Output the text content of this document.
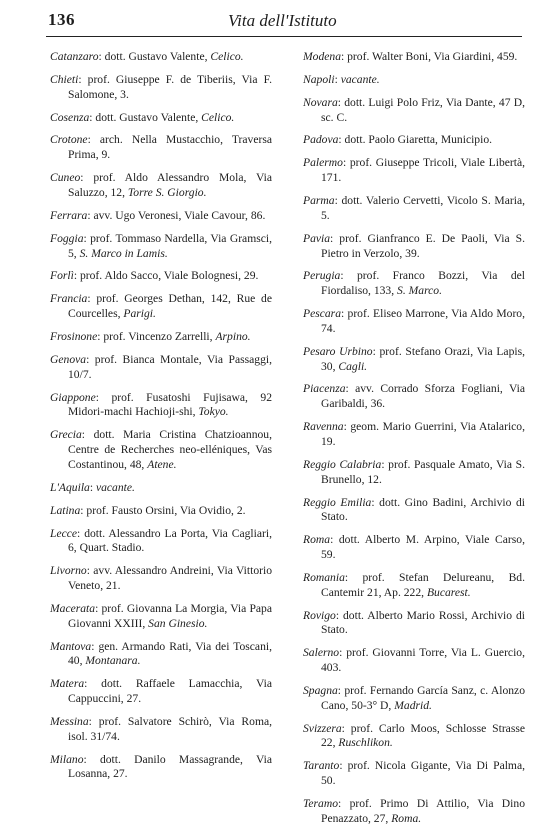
136	Vita dell'Istituto
Catanzaro: dott. Gustavo Valente, Celico.
Chieti: prof. Giuseppe F. de Tiberiis, Via F. Salomone, 3.
Cosenza: dott. Gustavo Valente, Celico.
Crotone: arch. Nella Mustacchio, Traversa Prima, 9.
Cuneo: prof. Aldo Alessandro Mola, Via Saluzzo, 12, Torre S. Giorgio.
Ferrara: avv. Ugo Veronesi, Viale Cavour, 86.
Foggia: prof. Tommaso Nardella, Via Gramsci, 5, S. Marco in Lamis.
Forlì: prof. Aldo Sacco, Viale Bolognesi, 29.
Francia: prof. Georges Dethan, 142, Rue de Courcelles, Parigi.
Frosinone: prof. Vincenzo Zarrelli, Arpino.
Genova: prof. Bianca Montale, Via Passaggi, 10/7.
Giappone: prof. Fusatoshi Fujisawa, 92 Midori-machi Hachioji-shi, Tokyo.
Grecia: dott. Maria Cristina Chatzioannou, Centre de Recherches neo-elléniques, Vas Costantinou, 48, Atene.
L'Aquila: vacante.
Latina: prof. Fausto Orsini, Via Ovidio, 2.
Lecce: dott. Alessandro La Porta, Via Cagliari, 6, Quart. Stadio.
Livorno: avv. Alessandro Andreini, Via Vittorio Veneto, 21.
Macerata: prof. Giovanna La Morgia, Via Papa Giovanni XXIII, San Ginesio.
Mantova: gen. Armando Rati, Via dei Toscani, 40, Montanara.
Matera: dott. Raffaele Lamacchia, Via Cappuccini, 27.
Messina: prof. Salvatore Schirò, Via Roma, isol. 31/74.
Milano: dott. Danilo Massagrande, Via Losanna, 27.
Modena: prof. Walter Boni, Via Giardini, 459.
Napoli: vacante.
Novara: dott. Luigi Polo Friz, Via Dante, 47 D, sc. C.
Padova: dott. Paolo Giaretta, Municipio.
Palermo: prof. Giuseppe Tricoli, Viale Libertà, 171.
Parma: dott. Valerio Cervetti, Vicolo S. Maria, 5.
Pavia: prof. Gianfranco E. De Paoli, Via S. Pietro in Verzolo, 39.
Perugia: prof. Franco Bozzi, Via del Fiordaliso, 133, S. Marco.
Pescara: prof. Eliseo Marrone, Via Aldo Moro, 74.
Pesaro Urbino: prof. Stefano Orazi, Via Lapis, 30, Cagli.
Piacenza: avv. Corrado Sforza Fogliani, Via Garibaldi, 36.
Ravenna: geom. Mario Guerrini, Via Atalarico, 19.
Reggio Calabria: prof. Pasquale Amato, Via S. Brunello, 12.
Reggio Emilia: dott. Gino Badini, Archivio di Stato.
Roma: dott. Alberto M. Arpino, Viale Carso, 59.
Romania: prof. Stefan Delureanu, Bd. Cantemir 21, Ap. 222, Bucarest.
Rovigo: dott. Alberto Mario Rossi, Archivio di Stato.
Salerno: prof. Giovanni Torre, Via L. Guercio, 403.
Spagna: prof. Fernando García Sanz, c. Alonzo Cano, 50-3° D, Madrid.
Svizzera: prof. Carlo Moos, Schlosse Strasse 22, Ruschlikon.
Taranto: prof. Nicola Gigante, Via Di Palma, 50.
Teramo: prof. Primo Di Attilio, Via Dino Penazzato, 27, Roma.
